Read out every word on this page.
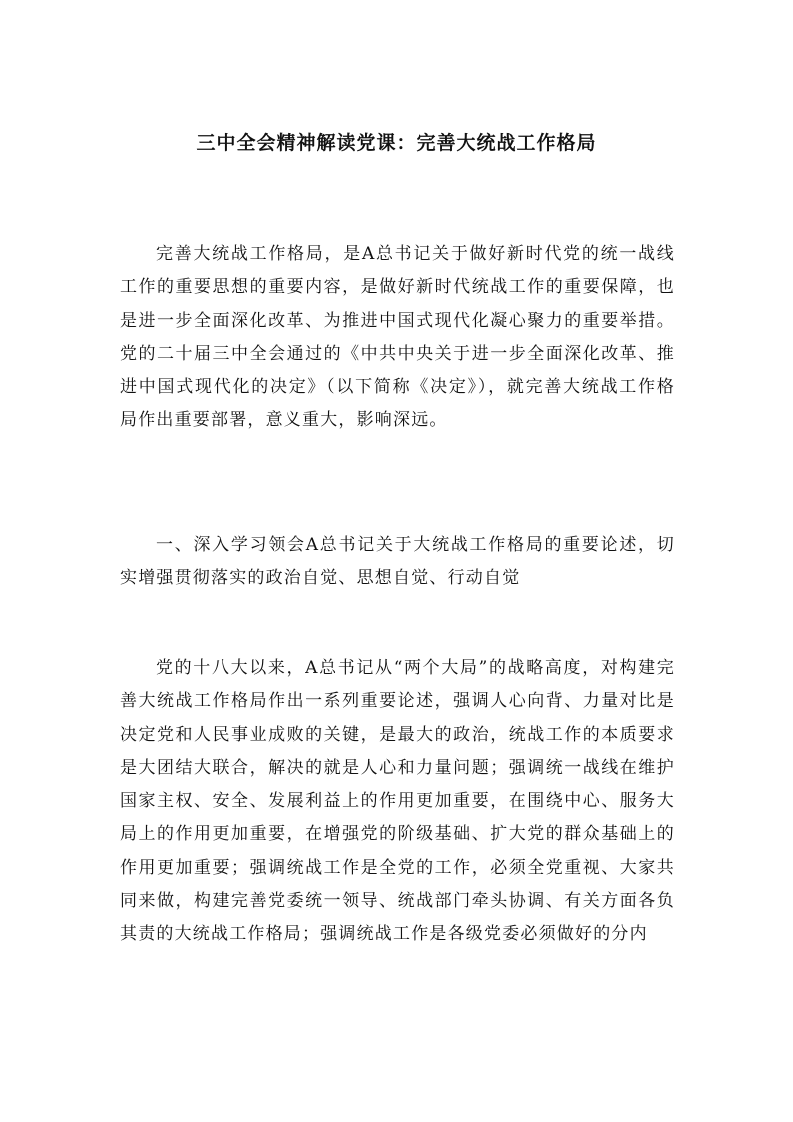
三中全会精神解读党课：完善大统战工作格局

完善大统战工作格局，是A总书记关于做好新时代党的统一战线工作的重要思想的重要内容，是做好新时代统战工作的重要保障，也是进一步全面深化改革、为推进中国式现代化凝心聚力的重要举措。党的二十届三中全会通过的《中共中央关于进一步全面深化改革、推进中国式现代化的决定》（以下简称《决定》），就完善大统战工作格局作出重要部署，意义重大，影响深远。

一、深入学习领会A总书记关于大统战工作格局的重要论述，切实增强贯彻落实的政治自觉、思想自觉、行动自觉

党的十八大以来，A总书记从“两个大局”的战略高度，对构建完善大统战工作格局作出一系列重要论述，强调人心向背、力量对比是决定党和人民事业成败的关键，是最大的政治，统战工作的本质要求是大团结大联合，解决的就是人心和力量问题；强调统一战线在维护国家主权、安全、发展利益上的作用更加重要，在围绕中心、服务大局上的作用更加重要，在增强党的阶级基础、扩大党的群众基础上的作用更加重要；强调统战工作是全党的工作，必须全党重视、大家共同来做，构建完善党委统一领导、统战部门牵头协调、有关方面各负其责的大统战工作格局；强调统战工作是各级党委必须做好的分内
